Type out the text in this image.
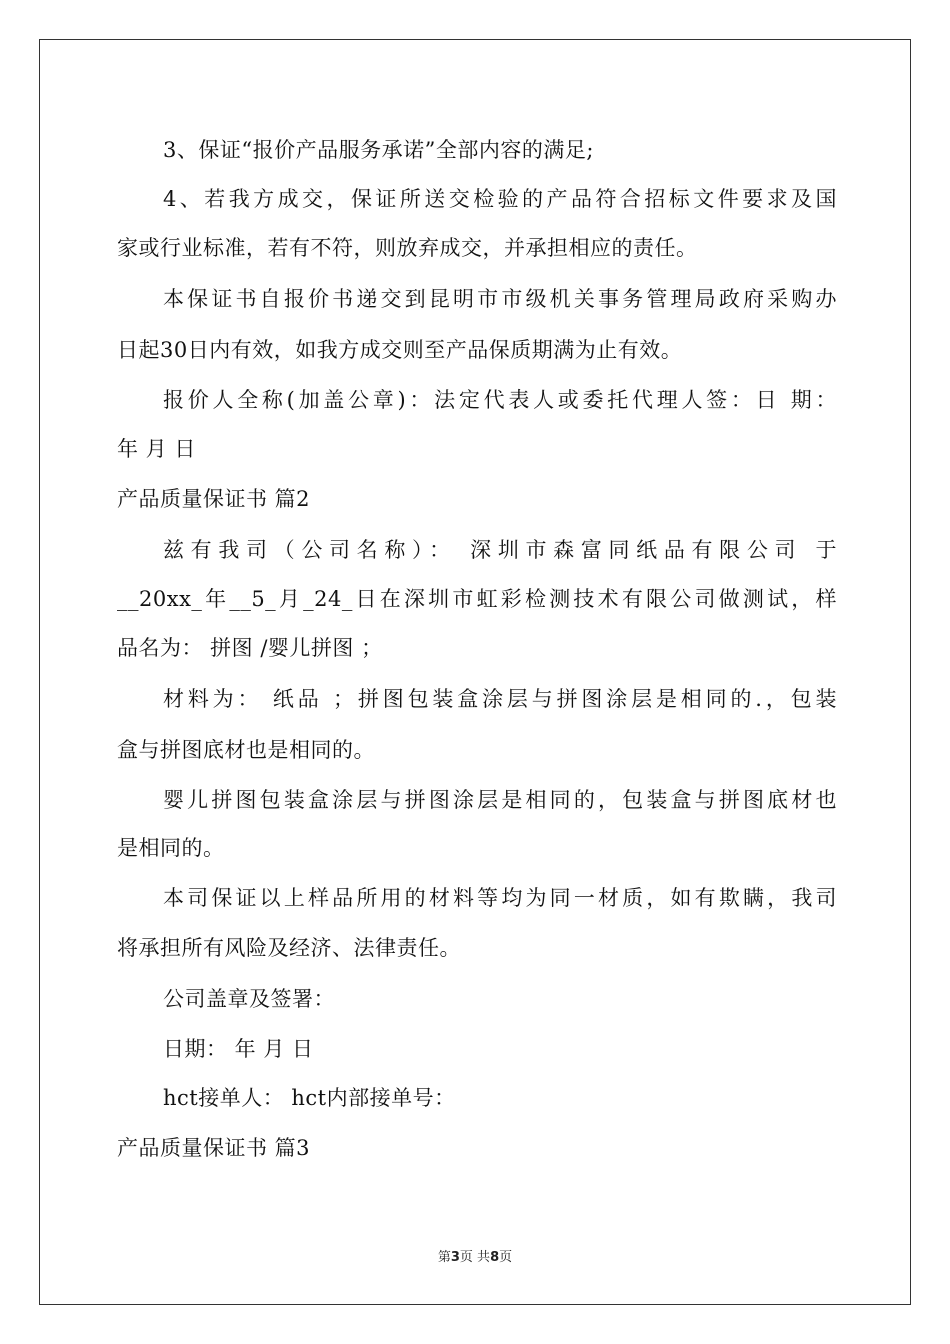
3、保证“报价产品服务承诺”全部内容的满足;
4、若我方成交，保证所送交检验的产品符合招标文件要求及国
家或行业标准，若有不符，则放弃成交，并承担相应的责任。
本保证书自报价书递交到昆明市市级机关事务管理局政府采购办
日起30日内有效，如我方成交则至产品保质期满为止有效。
报价人全称(加盖公章)：法定代表人或委托代理人签：日 期：
年 月 日
产品质量保证书 篇2
兹有我司（公司名称）： 深圳市森富同纸品有限公司 于
__20xx_年__5_月_24_日在深圳市虹彩检测技术有限公司做测试，样
品名为： 拼图 /婴儿拼图 ；
材料为： 纸品 ；拼图包装盒涂层与拼图涂层是相同的.，包装
盒与拼图底材也是相同的。
婴儿拼图包装盒涂层与拼图涂层是相同的，包装盒与拼图底材也
是相同的。
本司保证以上样品所用的材料等均为同一材质，如有欺瞒，我司
将承担所有风险及经济、法律责任。
公司盖章及签署：
日期： 年 月 日
hct接单人： hct内部接单号：
产品质量保证书 篇3
第3页 共8页
